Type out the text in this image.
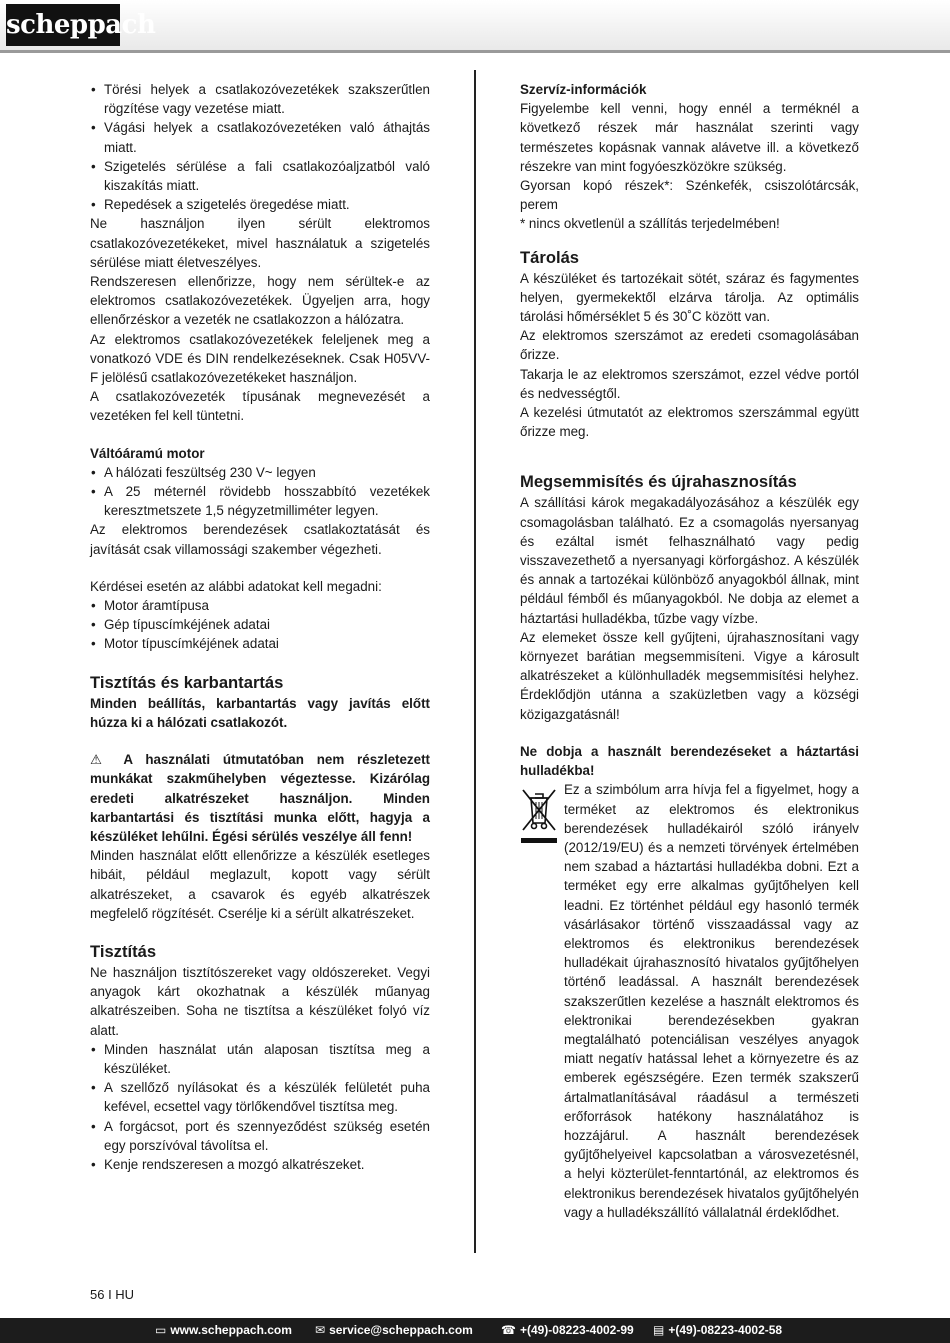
scheppach
• Törési helyek a csatlakozóvezetékek szakszerűtlen rögzítése vagy vezetése miatt.
• Vágási helyek a csatlakozóvezetéken való áthajtás miatt.
• Szigetelés sérülése a fali csatlakozóaljzatból való kiszakítás miatt.
• Repedések a szigetelés öregedése miatt.

Ne használjon ilyen sérült elektromos csatlakozóvezetékeket, mivel használatuk a szigetelés sérülése miatt életveszélyes.

Rendszeresen ellenőrizze, hogy nem sérültek-e az elektromos csatlakozóvezetékek. Ügyeljen arra, hogy ellenőrzéskor a vezeték ne csatlakozzon a hálózatra.

Az elektromos csatlakozóvezetékek feleljenek meg a vonatkozó VDE és DIN rendelkezéseknek. Csak H05VV-F jelölésű csatlakozóvezetékeket használjon.

A csatlakozóvezeték típusának megnevezését a vezetéken fel kell tüntetni.

Váltóáramú motor

• A hálózati feszültség 230 V~ legyen
• A 25 méternél rövidebb hosszabbító vezetékek keresztmetszete 1,5 négyzetmilliméter legyen.

Az elektromos berendezések csatlakoztatását és javítását csak villamossági szakember végezheti.

Kérdései esetén az alábbi adatokat kell megadni:

• Motor áramtípusa
• Gép típuscímkéjének adatai
• Motor típuscímkéjének adatai
Tisztítás és karbantartás

Minden beállítás, karbantartás vagy javítás előtt húzza ki a hálózati csatlakozót.

⚠ A használati útmutatóban nem részletezett munkákat szakműhelyben végeztesse. Kizárólag eredeti alkatrészeket használjon. Minden karbantartási és tisztítási munka előtt, hagyja a készüléket lehűlni. Égési sérülés veszélye áll fenn!

Minden használat előtt ellenőrizze a készülék esetleges hibáit, például meglazult, kopott vagy sérült alkatrészeket, a csavarok és egyéb alkatrészek megfelelő rögzítését. Cserélje ki a sérült alkatrészeket.

Tisztítás

Ne használjon tisztítószereket vagy oldószereket. Vegyi anyagok kárt okozhatnak a készülék műanyag alkatrészeiben. Soha ne tisztítsa a készüléket folyó víz alatt.

• Minden használat után alaposan tisztítsa meg a készüléket.
• A szellőző nyílásokat és a készülék felületét puha kefével, ecsettel vagy törlőkendővel tisztítsa meg.
• A forgácsot, port és szennyeződést szükség esetén egy porszívóval távolítsa el.
• Kenje rendszeresen a mozgó alkatrészeket.

Szervíz-információk

Figyelembe kell venni, hogy ennél a terméknél a következő részek már használat szerinti vagy természetes kopásnak vannak alávetve ill. a következő részekre van mint fogyóeszközökre szükség.

Gyorsan kopó részek*: Szénkefék, csiszolótárcsák, perem

* nincs okvetlenül a szállítás terjedelmében!

Tárolás

A készüléket és tartozékait sötét, száraz és fagymentes helyen, gyermekektől elzárva tárolja. Az optimális tárolási hőmérséklet 5 és 30˚C között van.

Az elektromos szerszámot az eredeti csomagolásában őrizze.

Takarja le az elektromos szerszámot, ezzel védve portól és nedvességtől.

A kezelési útmutatót az elektromos szerszámmal együtt őrizze meg.

Megsemmisítés és újrahasznosítás

A szállítási károk megakadályozásához a készülék egy csomagolásban található. Ez a csomagolás nyersanyag és ezáltal ismét felhasználható vagy pedig visszavezethető a nyersanyagi körforgáshoz. A készülék és annak a tartozékai különböző anyagokból állnak, mint például fémből és műanyagokból. Ne dobja az elemet a háztartási hulladékba, tűzbe vagy vízbe.

Az elemeket össze kell gyűjteni, újrahasznosítani vagy környezet barátian megsemmisíteni. Vigye a károsult alkatrészeket a különhulladék megsemmisítési helyhez. Érdeklődjön utánna a szaküzletben vagy a községi közigazgatásnál!

Ne dobja a használt berendezéseket a háztartási hulladékba!

Ez a szimbólum arra hívja fel a figyelmet, hogy a terméket az elektromos és elektronikus berendezések hulladékairól szóló irányelv (2012/19/EU) és a nemzeti törvények értelmében nem szabad a háztartási hulladékba dobni. Ezt a terméket egy erre alkalmas gyűjtőhelyen kell leadni. Ez történhet például egy hasonló termék vásárlásakor történő visszaadással vagy az elektromos és elektronikus berendezések hulladékait újrahasznosító hivatalos gyűjtőhelyen történő leadással. A használt berendezések szakszerűtlen kezelése a használt elektromos és elektronikai berendezésekben gyakran megtalálható potenciálisan veszélyes anyagok miatt negatív hatással lehet a környezetre és az emberek egészségére. Ezen termék szakszerű ártalmatlanításával ráadásul a természeti erőforrások hatékony használatához is hozzájárul. A használt berendezések gyűjtőhelyeivel kapcsolatban a városvezetésnél, a helyi közterület-fenntartónál, az elektromos és elektronikus berendezések hivatalos gyűjtőhelyén vagy a hulladékszállító vállalatnál érdeklődhet.

56 I HU
▭ www.scheppach.com ✉ service@scheppach.com ☎ +(49)-08223-4002-99 ▤ +(49)-08223-4002-58
